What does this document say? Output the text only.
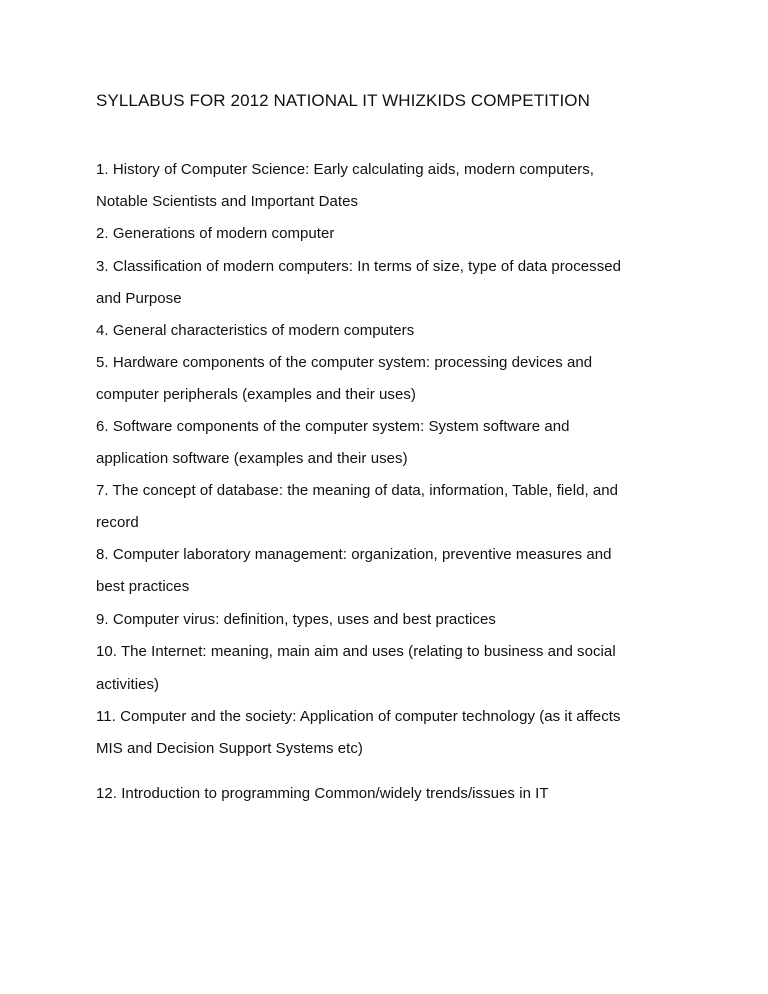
SYLLABUS FOR 2012 NATIONAL IT WHIZKIDS COMPETITION
1. History of Computer Science: Early calculating aids, modern computers,
Notable Scientists and Important Dates
2. Generations of modern computer
3. Classification of modern computers: In terms of size, type of data processed
and Purpose
4. General characteristics of modern computers
5. Hardware components of the computer system: processing devices and
computer peripherals (examples and their uses)
6. Software components of the computer system: System software and
application software (examples and their uses)
7. The concept of database: the meaning of data, information, Table, field, and
record
8. Computer laboratory management: organization, preventive measures and
best practices
9. Computer virus: definition, types, uses and best practices
10. The Internet: meaning, main aim and uses (relating to business and social
activities)
11. Computer and the society: Application of computer technology (as it affects
MIS and Decision Support Systems etc)
12. Introduction to programming Common/widely trends/issues in IT
